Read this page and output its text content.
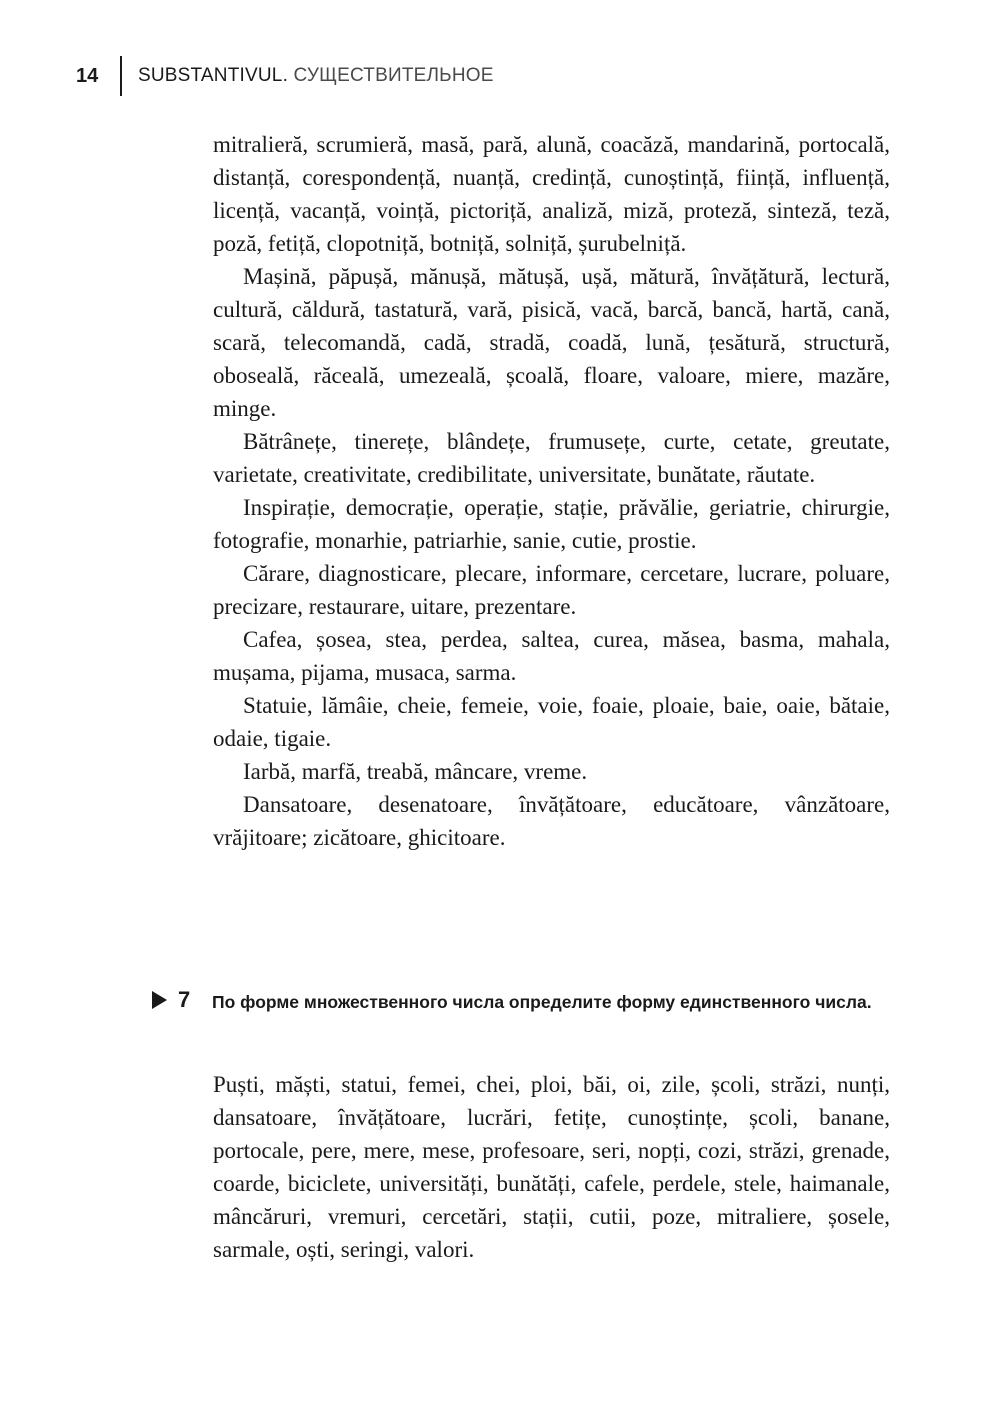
14	SUBSTANTIVUL. СУЩЕСТВИТЕЛЬНОЕ

mitralieră, scrumieră, masă, pară, alună, coacăză, mandarină, portocală, distanță, corespondență, nuanță, credință, cunoștință, ființă, influență, licență, vacanță, voință, pictoriță, analiză, miză, proteză, sinteză, teză, poză, fetiță, clopotniță, botniță, solniță, șurubelniță.

Mașină, păpușă, mănușă, mătușă, ușă, mătură, învățătură, lectură, cultură, căldură, tastatură, vară, pisică, vacă, barcă, bancă, hartă, cană, scară, telecomandă, cadă, stradă, coadă, lună, țesătură, structură, oboseală, răceală, umezeală, școală, floare, valoare, miere, mazăre, minge.

Bătrânețe, tinerețe, blândețe, frumusețe, curte, cetate, greutate, varietate, creativitate, credibilitate, universitate, bunătate, răutate.

Inspirație, democrație, operație, stație, prăvălie, geriatrie, chirurgie, fotografie, monarhie, patriarhie, sanie, cutie, prostie.

Cărare, diagnosticare, plecare, informare, cercetare, lucrare, poluare, precizare, restaurare, uitare, prezentare.

Cafea, șosea, stea, perdea, saltea, curea, măsea, basma, mahala, mușama, pijama, musaca, sarma.

Statuie, lămâie, cheie, femeie, voie, foaie, ploaie, baie, oaie, bătaie, odaie, tigaie.

Iarbă, marfă, treabă, mâncare, vreme.

Dansatoare, desenatoare, învățătoare, educătoare, vânzătoare, vrăjitoare; zicătoare, ghicitoare.

7	По форме множественного числа определите форму единственного числа.

Puști, măști, statui, femei, chei, ploi, băi, oi, zile, școli, străzi, nunți, dansatoare, învățătoare, lucrări, fetițe, cunoștințe, școli, banane, portocale, pere, mere, mese, profesoare, seri, nopți, cozi, străzi, grenade, coarde, biciclete, universități, bunătăți, cafele, perdele, stele, haimanale, mâncăruri, vremuri, cercetări, stații, cutii, poze, mitraliere, șosele, sarmale, oști, seringi, valori.
